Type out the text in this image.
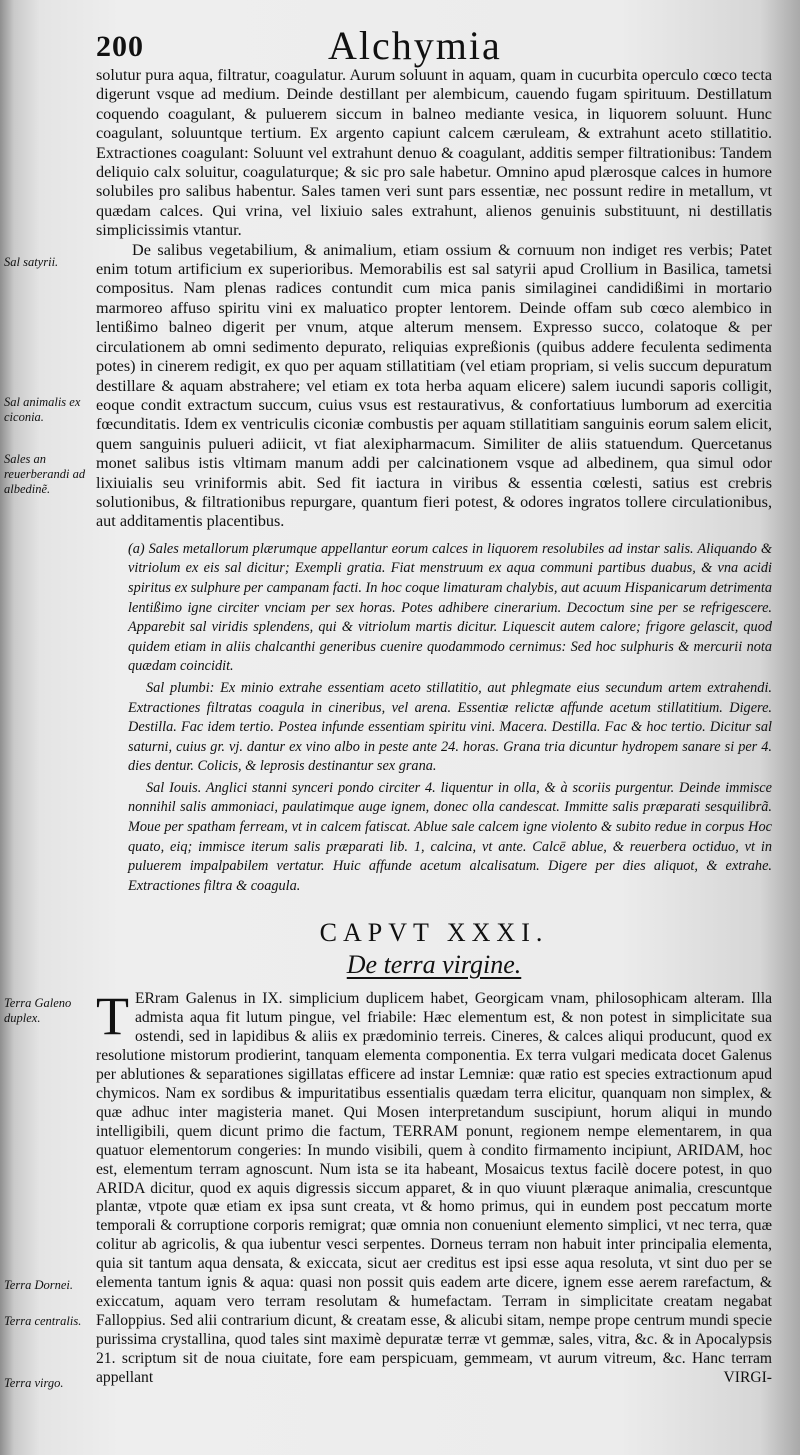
200	Alchymia
Sal satyrii.
Sal animalis ex ciconia.
Sales an reuerberandi ad albedinẽ.
Terra Galeno duplex.
Terra Dornei.
Terra centralis.
Terra virgo.

solutur pura aqua, filtratur, coagulatur. Aurum soluunt in aquam, quam in cucurbita operculo cœco tecta digerunt vsque ad medium. Deinde destillant per alembicum, cauendo fugam spirituum. Destillatum coquendo coagulant, & puluerem siccum in balneo mediante vesica, in liquorem soluunt. Hunc coagulant, soluuntque tertium. Ex argento capiunt calcem cæruleam, & extrahunt aceto stillatitio. Extractiones coagulant: Soluunt vel extrahunt denuo & coagulant, additis semper filtrationibus: Tandem deliquio calx soluitur, coagulaturque; & sic pro sale habetur. Omnino apud plærosque calces in humore solubiles pro salibus habentur. Sales tamen veri sunt pars essentiæ, nec possunt redire in metallum, vt quædam calces. Qui vrina, vel lixiuio sales extrahunt, alienos genuinis substituunt, ni destillatis simplicissimis vtantur.

De salibus vegetabilium, & animalium, etiam ossium & cornuum non indiget res verbis; Patet enim totum artificium ex superioribus. Memorabilis est sal satyrii apud Crollium in Basilica, tametsi compositus. Nam plenas radices contundit cum mica panis similaginei candidißimi in mortario marmoreo affuso spiritu vini ex maluatico propter lentorem. Deinde offam sub cœco alembico in lentißimo balneo digerit per vnum, atque alterum mensem. Expresso succo, colatoque & per circulationem ab omni sedimento depurato, reliquias expreßionis (quibus addere feculenta sedimenta potes) in cinerem redigit, ex quo per aquam stillatitiam (vel etiam propriam, si velis succum depuratum destillare & aquam abstrahere; vel etiam ex tota herba aquam elicere) salem iucundi saporis colligit, eoque condit extractum succum, cuius vsus est restaurativus, & confortatiuus lumborum ad exercitia fœcunditatis. Idem ex ventriculis ciconiæ combustis per aquam stillatitiam sanguinis eorum salem elicit, quem sanguinis pulueri adiicit, vt fiat alexipharmacum. Similiter de aliis statuendum. Quercetanus monet salibus istis vltimam manum addi per calcinationem vsque ad albedinem, qua simul odor lixiuialis seu vriniformis abit. Sed fit iactura in viribus & essentia cœlesti, satius est crebris solutionibus, & filtrationibus repurgare, quantum fieri potest, & odores ingratos tollere circulationibus, aut additamentis placentibus.

(a) Sales metallorum plærumque appellantur eorum calces in liquorem resolubiles ad instar salis. Aliquando & vitriolum ex eis sal dicitur; Exempli gratia. Fiat menstruum ex aqua communi partibus duabus, & vna acidi spiritus ex sulphure per campanam facti. In hoc coque limaturam chalybis, aut acuum Hispanicarum detrimenta lentißimo igne circiter vnciam per sex horas. Potes adhibere cinerarium. Decoctum sine per se refrigescere. Apparebit sal viridis splendens, qui & vitriolum martis dicitur. Liquescit autem calore; frigore gelascit, quod quidem etiam in aliis chalcanthi generibus cuenire quodammodo cernimus: Sed hoc sulphuris & mercurii nota quædam coincidit.

Sal plumbi: Ex minio extrahe essentiam aceto stillatitio, aut phlegmate eius secundum artem extrahendi. Extractiones filtratas coagula in cineribus, vel arena. Essentiæ relictæ affunde acetum stillatitium. Digere. Destilla. Fac idem tertio. Postea infunde essentiam spiritu vini. Macera. Destilla. Fac & hoc tertio. Dicitur sal saturni, cuius gr. vj. dantur ex vino albo in peste ante 24. horas. Grana tria dicuntur hydropem sanare si per 4. dies dentur. Colicis, & leprosis destinantur sex grana.

Sal Iouis. Anglici stanni synceri pondo circiter 4. liquentur in olla, & à scoriis purgentur. Deinde immisce nonnihil salis ammoniaci, paulatimque auge ignem, donec olla candescat. Immitte salis præparati sesquilibrã. Moue per spatham ferream, vt in calcem fatiscat. Ablue sale calcem igne violento & subito redue in corpus Hoc quato, eiq; immisce iterum salis præparati lib. 1, calcina, vt ante. Calcē ablue, & reuerbera octiduo, vt in puluerem impalpabilem vertatur. Huic affunde acetum alcalisatum. Digere per dies aliquot, & extrahe. Extractiones filtra & coagula.

CAPVT XXXI.
De terra virgine.

T ERram Galenus in IX. simplicium duplicem habet, Georgicam vnam, philosophicam alteram. Illa admista aqua fit lutum pingue, vel friabile: Hæc elementum est, & non potest in simplicitate sua ostendi, sed in lapidibus & aliis ex prædominio terreis. Cineres, & calces aliqui producunt, quod ex resolutione mistorum prodierint, tanquam elementa componentia. Ex terra vulgari medicata docet Galenus per ablutiones & separationes sigillatas efficere ad instar Lemniæ: quæ ratio est species extractionum apud chymicos. Nam ex sordibus & impuritatibus essentialis quædam terra elicitur, quanquam non simplex, & quæ adhuc inter magisteria manet. Qui Mosen interpretandum suscipiunt, horum aliqui in mundo intelligibili, quem dicunt primo die factum, TERRAM ponunt, regionem nempe elementarem, in qua quatuor elementorum congeries: In mundo visibili, quem à condito firmamento incipiunt, ARIDAM, hoc est, elementum terram agnoscunt. Num ista se ita habeant, Mosaicus textus facilè docere potest, in quo ARIDA dicitur, quod ex aquis digressis siccum apparet, & in quo viuunt plæraque animalia, crescuntque plantæ, vtpote quæ etiam ex ipsa sunt creata, vt & homo primus, qui in eundem post peccatum morte temporali & corruptione corporis remigrat; quæ omnia non conueniunt elemento simplici, vt nec terra, quæ colitur ab agricolis, & qua iubentur vesci serpentes. Dorneus terram non habuit inter principalia elementa, quia sit tantum aqua densata, & exiccata, sicut aer creditus est ipsi esse aqua resoluta, vt sint duo per se elementa tantum ignis & aqua: quasi non possit quis eadem arte dicere, ignem esse aerem rarefactum, & exiccatum, aquam vero terram resolutam & humefactam. Terram in simplicitate creatam negabat Falloppius. Sed alii contrarium dicunt, & creatam esse, & alicubi sitam, nempe prope centrum mundi specie purissima crystallina, quod tales sint maximè depuratæ terræ vt gemmæ, sales, vitra, &c. & in Apocalypsis 21. scriptum sit de noua ciuitate, fore eam perspicuam, gemmeam, vt aurum vitreum, &c. Hanc terram appellant	VIRGI-
